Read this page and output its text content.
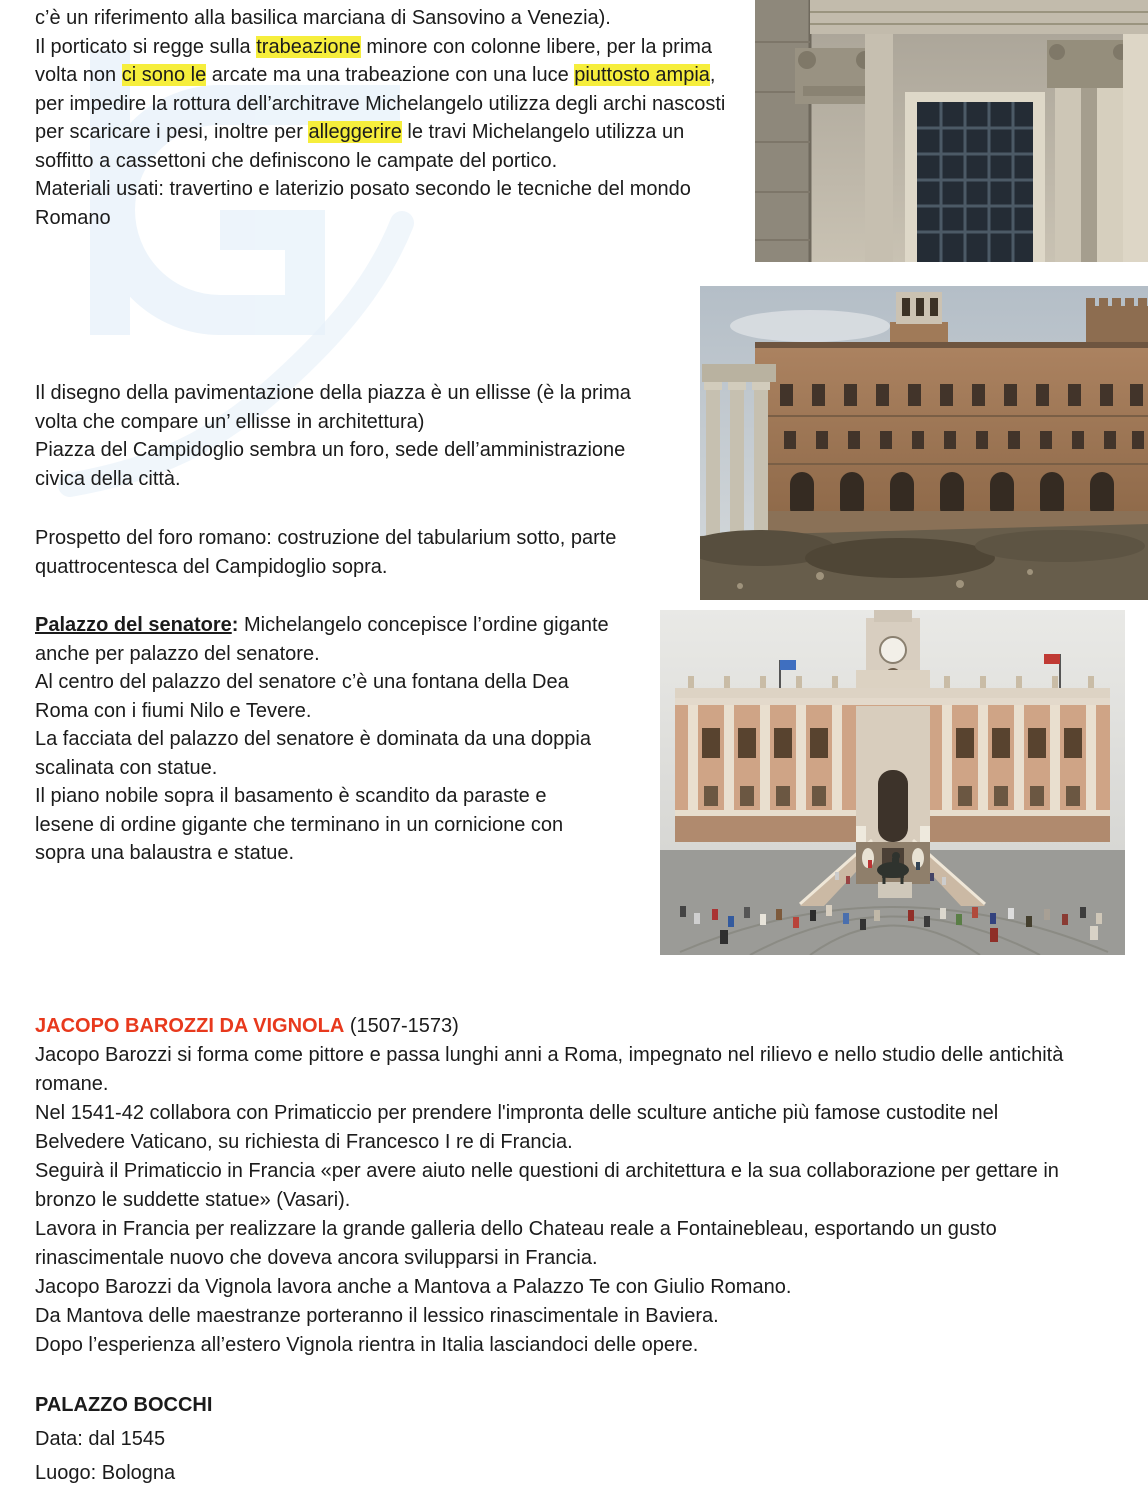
c’è un riferimento alla basilica marciana di Sansovino a Venezia).

Il porticato si regge sulla trabeazione minore con colonne libere, per la prima volta non ci sono le arcate ma una trabeazione con una luce piuttosto ampia, per impedire la rottura dell’architrave Michelangelo utilizza degli archi nascosti per scaricare i pesi, inoltre per alleggerire le travi Michelangelo utilizza un soffitto a cassettoni che definiscono le campate del portico.

Materiali usati: travertino e laterizio posato secondo le tecniche del mondo Romano

Il disegno della pavimentazione della piazza è un ellisse (è la prima volta che compare un’ ellisse in architettura)

Piazza del Campidoglio sembra un foro, sede dell’amministrazione civica della città.

Prospetto del foro romano: costruzione del tabularium sotto, parte quattrocentesca del Campidoglio sopra.

Palazzo del senatore: Michelangelo concepisce l’ordine gigante anche per palazzo del senatore.

Al centro del palazzo del senatore c’è una fontana della Dea Roma con i fiumi Nilo e Tevere.

La facciata del palazzo del senatore è dominata da una doppia scalinata con statue.

Il piano nobile sopra il basamento è scandito da paraste e lesene di ordine gigante che terminano in un cornicione con sopra una balaustra e statue.

JACOPO BAROZZI DA VIGNOLA (1507-1573)

Jacopo Barozzi si forma come pittore e passa lunghi anni a Roma, impegnato nel rilievo e nello studio delle antichità romane.

Nel 1541-42 collabora con Primaticcio per prendere l'impronta delle sculture antiche più famose custodite nel Belvedere Vaticano, su richiesta di Francesco I re di Francia.

Seguirà il Primaticcio in Francia «per avere aiuto nelle questioni di architettura e la sua collaborazione per gettare in bronzo le suddette statue» (Vasari).

Lavora in Francia per realizzare la grande galleria dello Chateau reale a Fontainebleau, esportando un gusto rinascimentale nuovo che doveva ancora svilupparsi in Francia.

Jacopo Barozzi da Vignola lavora anche a Mantova a Palazzo Te con Giulio Romano.

Da Mantova delle maestranze porteranno il lessico rinascimentale in Baviera.

Dopo l’esperienza all’estero Vignola rientra in Italia lasciandoci delle opere.

PALAZZO BOCCHI

Data: dal 1545

Luogo: Bologna
